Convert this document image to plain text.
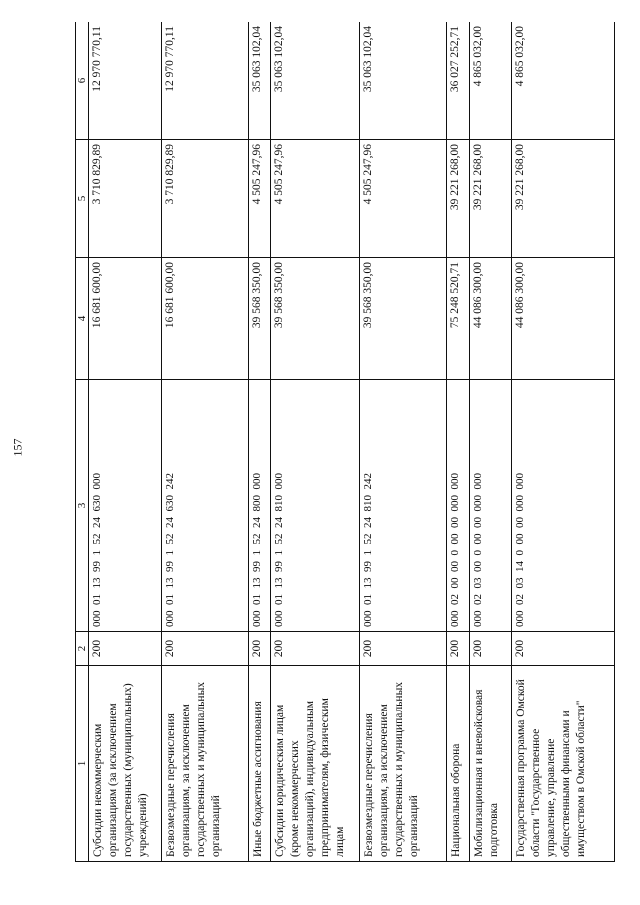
157
1	2	3	4	5	6
Субсидии некоммерческим организациям (за исключением государственных (муниципальных) учреждений)	200	000  01  13  99  1  52  24  630  000	16 681 600,00	3 710 829,89	12 970 770,11
Безвозмездные перечисления организациям, за исключением государственных и муниципальных организаций	200	000  01  13  99  1  52  24  630  242	16 681 600,00	3 710 829,89	12 970 770,11
Иные бюджетные ассигнования	200	000  01  13  99  1  52  24  800  000	39 568 350,00	4 505 247,96	35 063 102,04
Субсидии юридическим лицам (кроме некоммерческих организаций), индивидуальным предпринимателям, физическим лицам	200	000  01  13  99  1  52  24  810  000	39 568 350,00	4 505 247,96	35 063 102,04
Безвозмездные перечисления организациям, за исключением государственных и муниципальных организаций	200	000  01  13  99  1  52  24  810  242	39 568 350,00	4 505 247,96	35 063 102,04
Национальная оборона	200	000  02  00  00  0  00  00  000  000	75 248 520,71	39 221 268,00	36 027 252,71
Мобилизационная и вневойсковая подготовка	200	000  02  03  00  0  00  00  000  000	44 086 300,00	39 221 268,00	4 865 032,00
Государственная программа Омской области "Государственное управление, управление общественными финансами и имуществом в Омской области"	200	000  02  03  14  0  00  00  000  000	44 086 300,00	39 221 268,00	4 865 032,00
